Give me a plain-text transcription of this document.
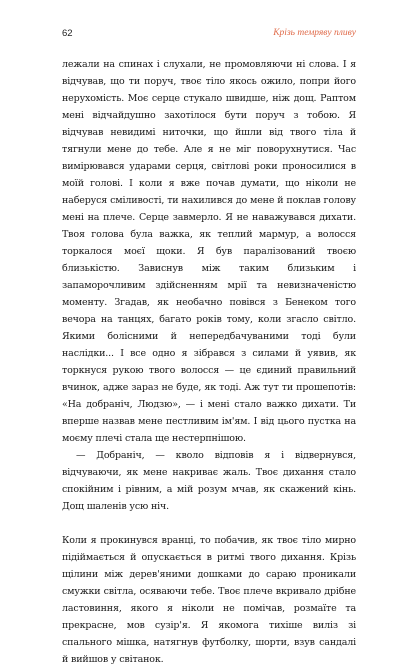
62	Крізь темряву пливу

лежали на спинах і слухали, не промовляючи ні слова. І я відчував, що ти поруч, твоє тіло якось ожило, попри його нерухомість. Моє серце стукало швидше, ніж дощ. Раптом мені відчайдушно захотілося бути поруч з тобою. Я відчував невидимі ниточки, що йшли від твого тіла й тягнули мене до тебе. Але я не міг поворухнутися. Час вимірювався ударами серця, світлові роки проносилися в моїй голові. І коли я вже почав думати, що ніколи не наберуся сміливості, ти нахилився до мене й поклав голову мені на плече. Серце завмерло. Я не наважувався дихати. Твоя голова була важка, як теплий мармур, а волосся торкалося моєї щоки. Я був паралізований твоєю близькістю. Зависнув між таким близьким і запаморочливим здійсненням мрії та невизначеністю моменту. Згадав, як необачно повівся з Бенеком того вечора на танцях, багато років тому, коли згасло світло. Якими болісними й непередбачуваними тоді були наслідки... І все одно я зібрався з силами й уявив, як торкнуся рукою твого волосся — це єдиний правильний вчинок, адже зараз не буде, як тоді. Аж тут ти прошепотів: «На добраніч, Людзю», — і мені стало важко дихати. Ти вперше назвав мене пестливим ім'ям. І від цього пустка на моєму плечі стала ще нестерпнішою.

— Добраніч, — кволо відповів я і відвернувся, відчуваючи, як мене накриває жаль. Твоє дихання стало спокійним і рівним, а мій розум мчав, як скажений кінь. Дощ шаленів усю ніч.

Коли я прокинувся вранці, то побачив, як твоє тіло мирно підіймається й опускається в ритмі твого дихання. Крізь щілини між дерев'яними дошками до сараю проникали смужки світла, осяваючи тебе. Твоє плече вкривало дрібне ластовиння, якого я ніколи не помічав, розмаїте та прекрасне, мов сузір'я. Я якомога тихіше виліз зі спального мішка, натягнув футболку, шорти, взув сандалі й вийшов у світанок.
